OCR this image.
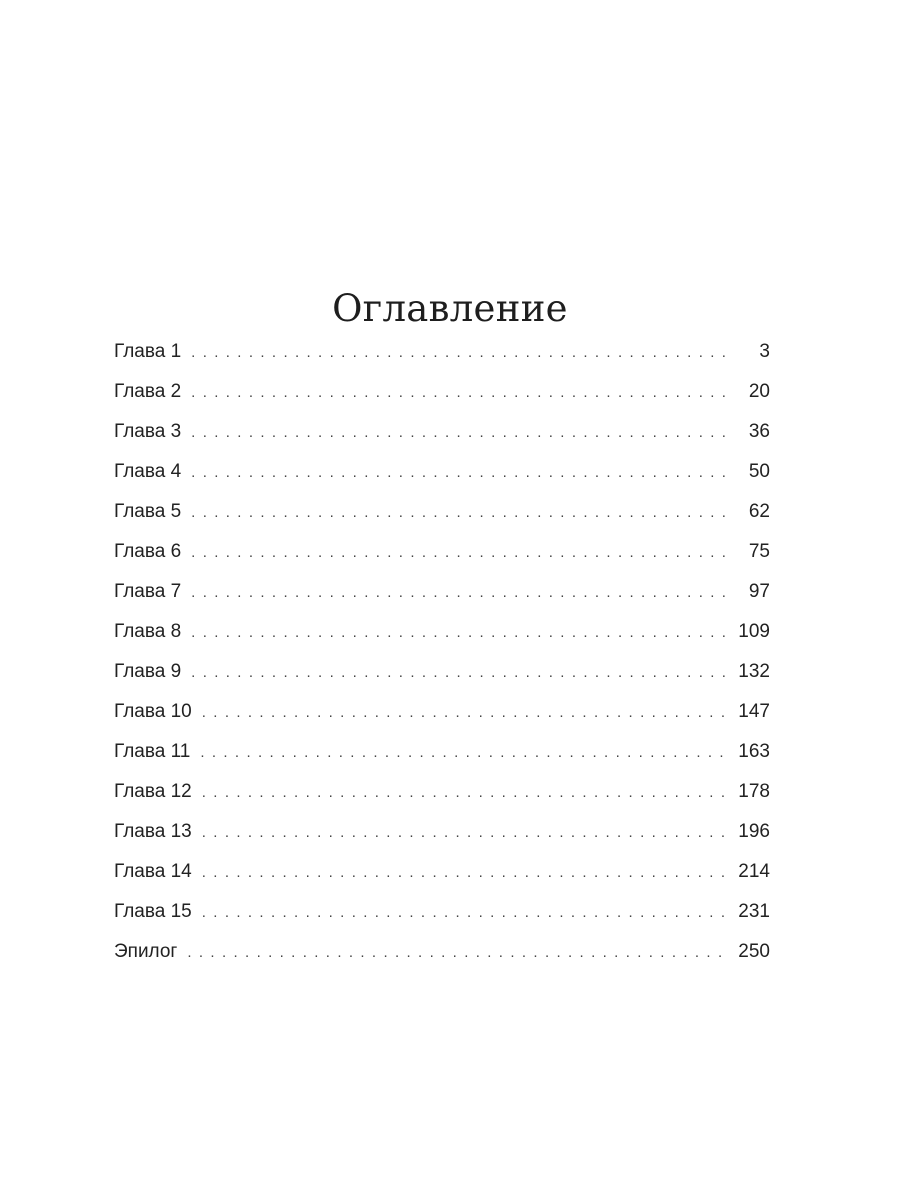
Оглавление
Глава 1 . . .	3
Глава 2 . . .	20
Глава 3 . . .	36
Глава 4 . . .	50
Глава 5 . . .	62
Глава 6 . . .	75
Глава 7 . . .	97
Глава 8 . . .	109
Глава 9 . . .	132
Глава 10 . . .	147
Глава 11 . . .	163
Глава 12 . . .	178
Глава 13 . . .	196
Глава 14 . . .	214
Глава 15 . . .	231
Эпилог . . .	250
